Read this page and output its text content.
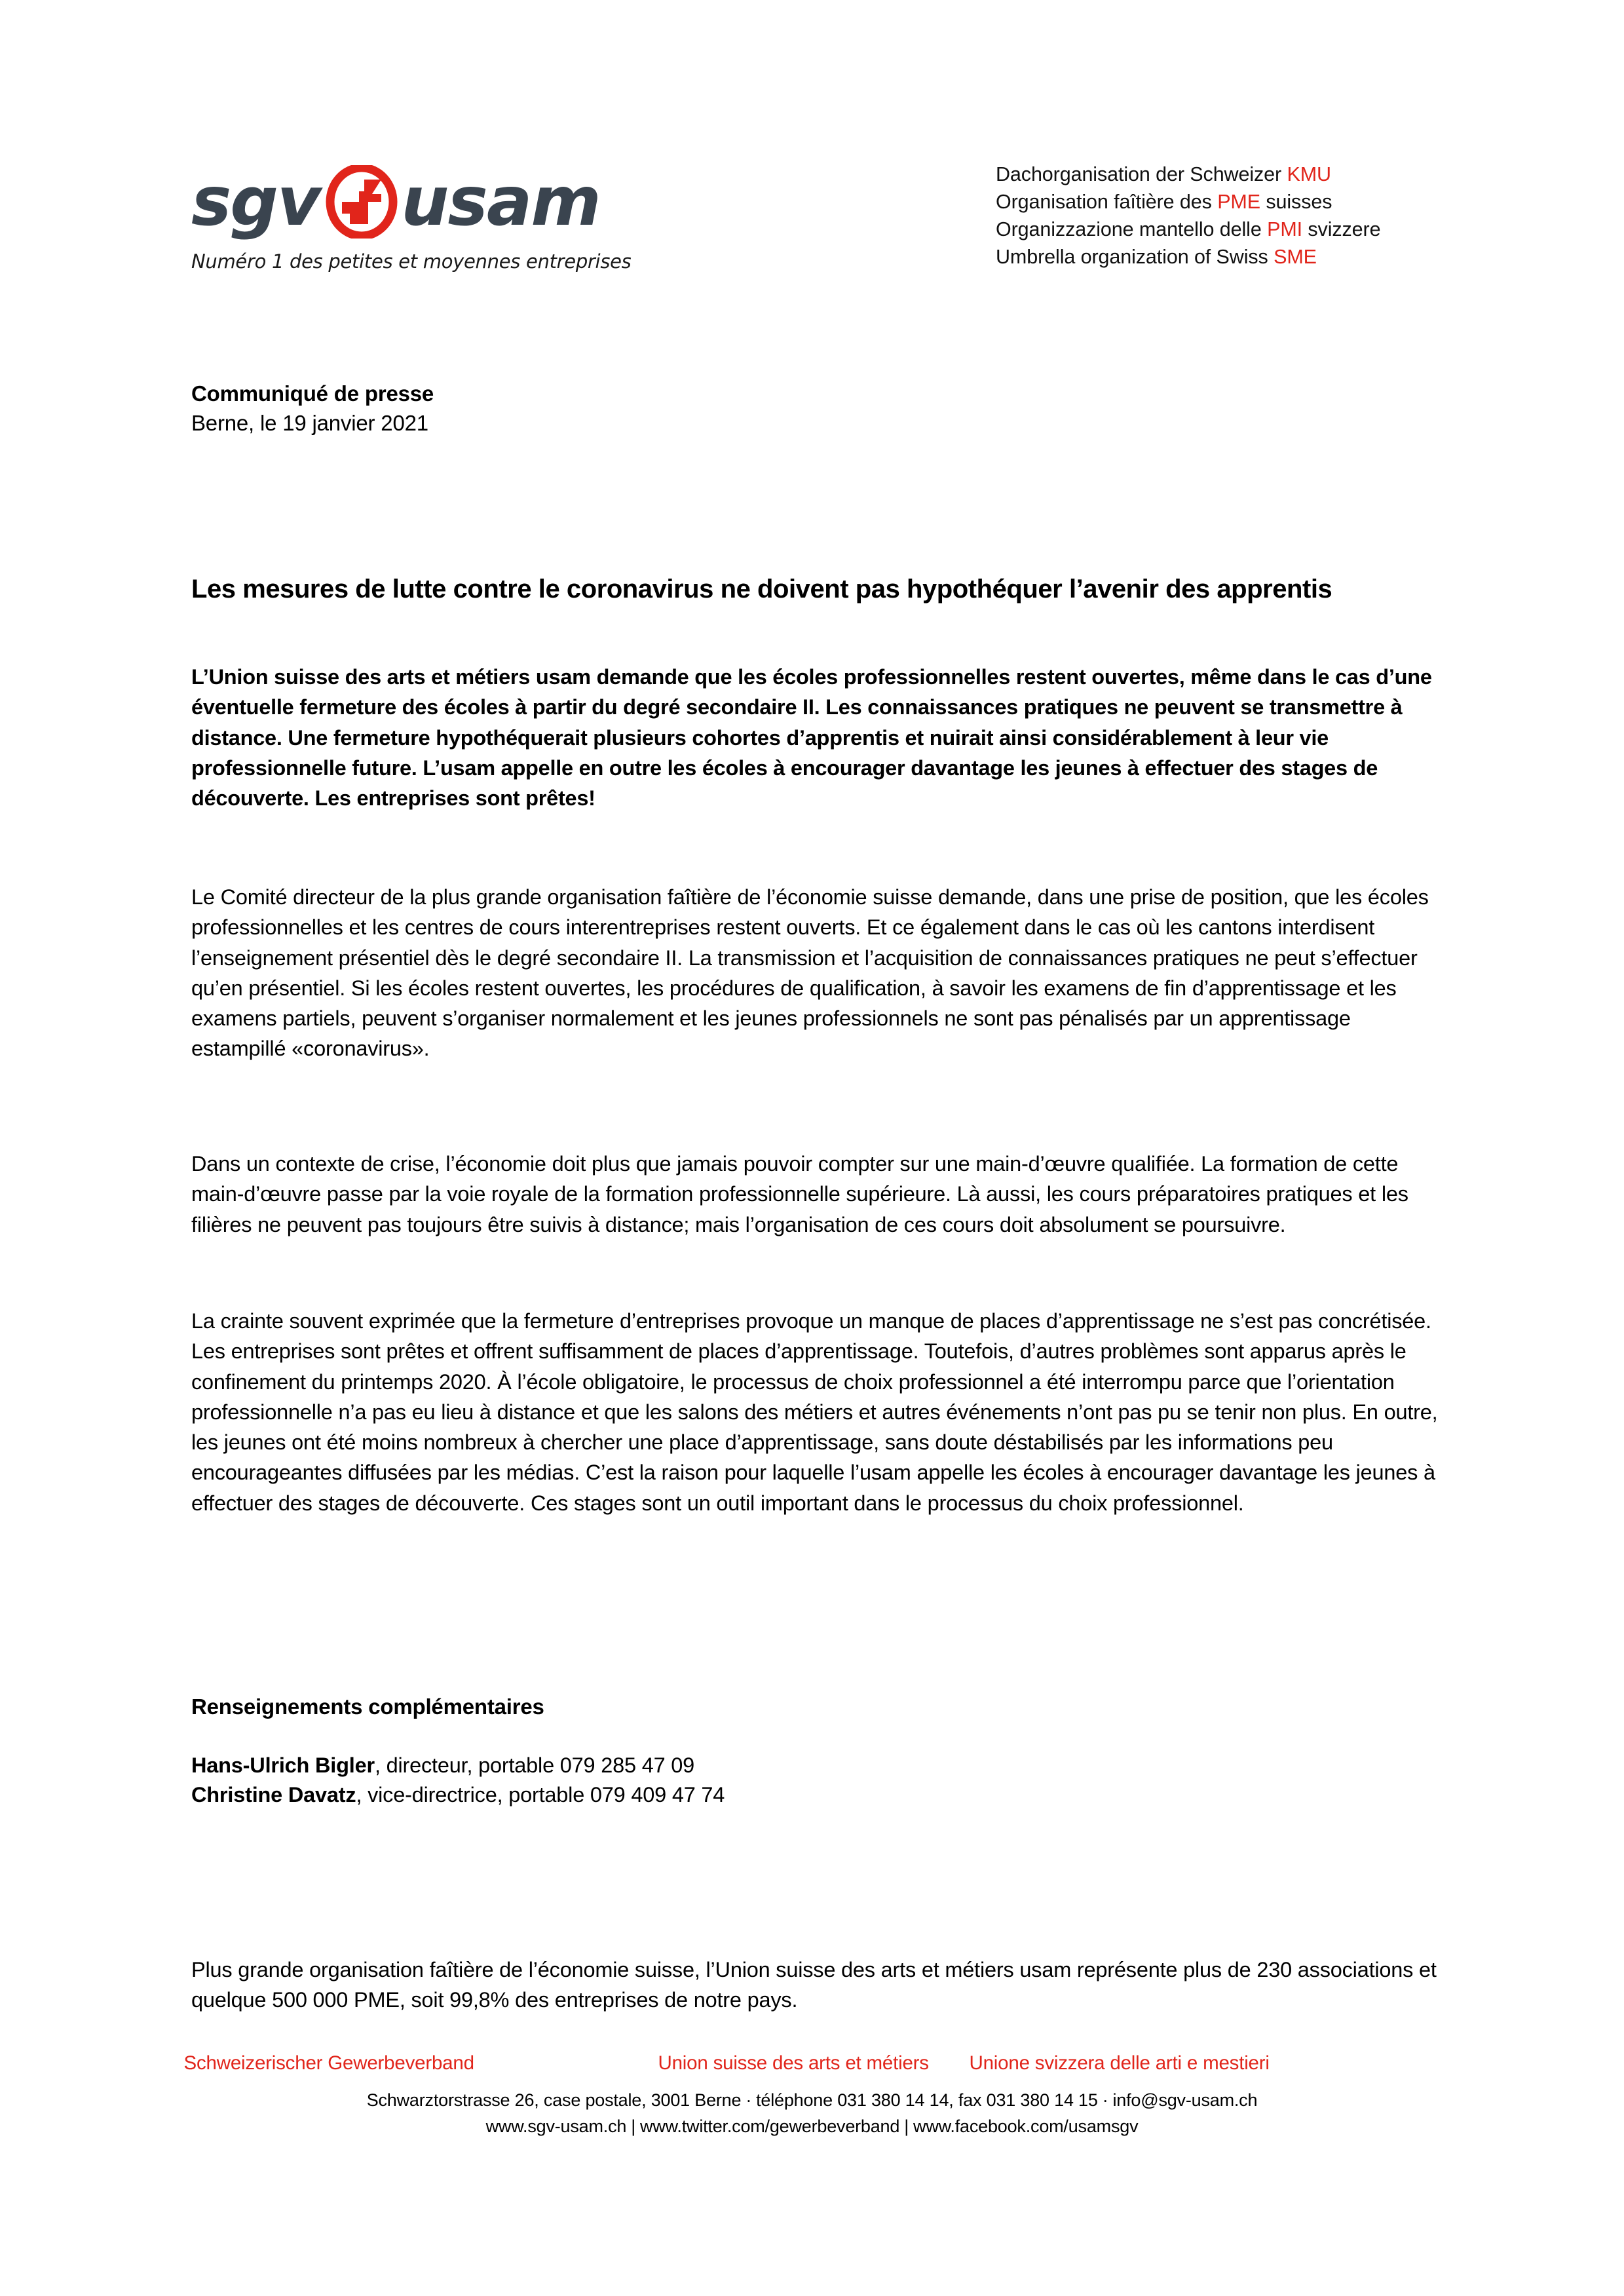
sgv usam
Numéro 1 des petites et moyennes entreprises
Dachorganisation der Schweizer KMU
Organisation faîtière des PME suisses
Organizzazione mantello delle PMI svizzere
Umbrella organization of Swiss SME
Communiqué de presse
Berne, le 19 janvier 2021
Les mesures de lutte contre le coronavirus ne doivent pas hypothéquer l’avenir des apprentis
L’Union suisse des arts et métiers usam demande que les écoles professionnelles restent ouvertes, même dans le cas d’une éventuelle fermeture des écoles à partir du degré secondaire II. Les connaissances pratiques ne peuvent se transmettre à distance. Une fermeture hypothéquerait plusieurs cohortes d’apprentis et nuirait ainsi considérablement à leur vie professionnelle future. L’usam appelle en outre les écoles à encourager davantage les jeunes à effectuer des stages de découverte. Les entreprises sont prêtes!
Le Comité directeur de la plus grande organisation faîtière de l’économie suisse demande, dans une prise de position, que les écoles professionnelles et les centres de cours interentreprises restent ouverts. Et ce également dans le cas où les cantons interdisent l’enseignement présentiel dès le degré secondaire II. La transmission et l’acquisition de connaissances pratiques ne peut s’effectuer qu’en présentiel. Si les écoles restent ouvertes, les procédures de qualification, à savoir les examens de fin d’apprentissage et les examens partiels, peuvent s’organiser normalement et les jeunes professionnels ne sont pas pénalisés par un apprentissage estampillé «coronavirus».
Dans un contexte de crise, l’économie doit plus que jamais pouvoir compter sur une main-d’œuvre qualifiée. La formation de cette main-d’œuvre passe par la voie royale de la formation professionnelle supérieure. Là aussi, les cours préparatoires pratiques et les filières ne peuvent pas toujours être suivis à distance; mais l’organisation de ces cours doit absolument se poursuivre.
La crainte souvent exprimée que la fermeture d’entreprises provoque un manque de places d’apprentissage ne s’est pas concrétisée. Les entreprises sont prêtes et offrent suffisamment de places d’apprentissage. Toutefois, d’autres problèmes sont apparus après le confinement du printemps 2020. À l’école obligatoire, le processus de choix professionnel a été interrompu parce que l’orientation professionnelle n’a pas eu lieu à distance et que les salons des métiers et autres événements n’ont pas pu se tenir non plus. En outre, les jeunes ont été moins nombreux à chercher une place d’apprentissage, sans doute déstabilisés par les informations peu encourageantes diffusées par les médias. C’est la raison pour laquelle l’usam appelle les écoles à encourager davantage les jeunes à effectuer des stages de découverte. Ces stages sont un outil important dans le processus du choix professionnel.
Renseignements complémentaires
Hans-Ulrich Bigler, directeur, portable 079 285 47 09
Christine Davatz, vice-directrice, portable 079 409 47 74
Plus grande organisation faîtière de l’économie suisse, l’Union suisse des arts et métiers usam représente plus de 230 associations et quelque 500 000 PME, soit 99,8% des entreprises de notre pays.
Schweizerischer Gewerbeverband	Union suisse des arts et métiers Unione svizzera delle arti e mestieri
Schwarztorstrasse 26, case postale, 3001 Berne · téléphone 031 380 14 14, fax 031 380 14 15 · info@sgv-usam.ch
www.sgv-usam.ch | www.twitter.com/gewerbeverband | www.facebook.com/usamsgv
